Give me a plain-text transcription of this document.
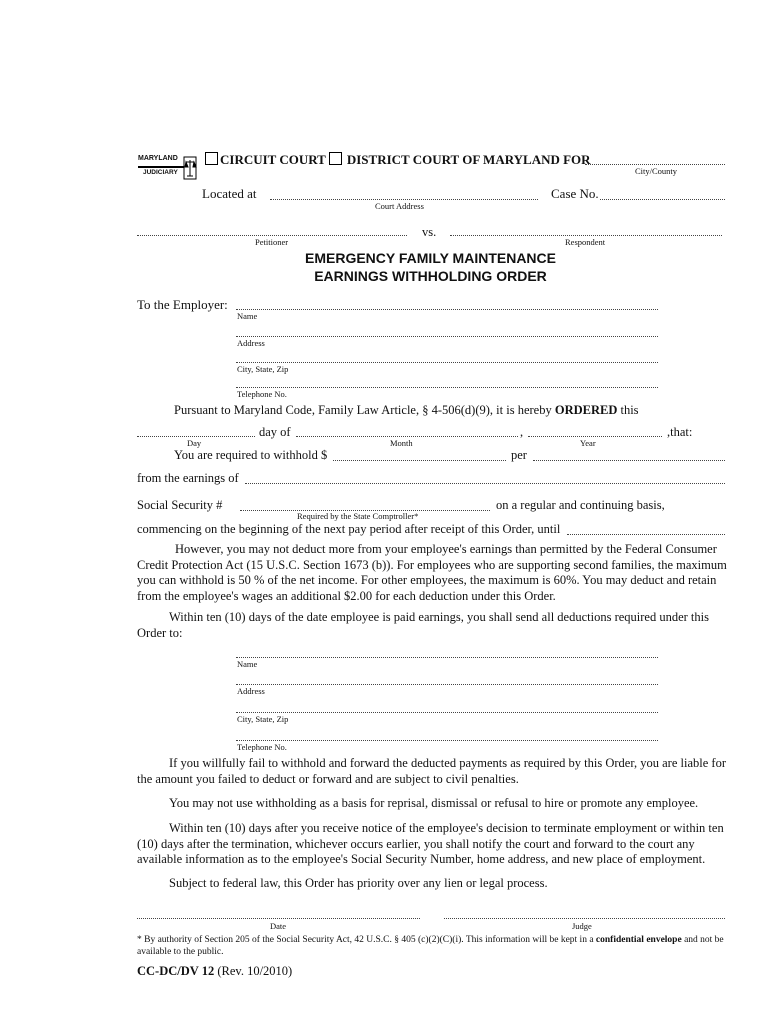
MARYLAND
JUDICIARY
CIRCUIT COURT DISTRICT COURT OF MARYLAND FOR
City/County
Located at
Court Address
Case No.
vs.
Petitioner	Respondent
EMERGENCY FAMILY MAINTENANCE
EARNINGS WITHHOLDING ORDER
To the Employer:
Name
Address
City, State, Zip
Telephone No.
Pursuant to Maryland Code, Family Law Article, § 4-506(d)(9), it is hereby ORDERED this
day of	,	,that:
Day	Month	Year
You are required to withhold $	per
from the earnings of
Social Security #
Required by the State Comptroller*
on a regular and continuing basis,
commencing on the beginning of the next pay period after receipt of this Order, until
However, you may not deduct more from your employee's earnings than permitted by the Federal Consumer Credit Protection Act (15 U.S.C. Section 1673 (b)). For employees who are supporting second families, the maximum you can withhold is 50 % of the net income. For other employees, the maximum is 60%. You may deduct and retain from the employee's wages an additional $2.00 for each deduction under this Order.
Within ten (10) days of the date employee is paid earnings, you shall send all deductions required under this Order to:
Name
Address
City, State, Zip
Telephone No.
If you willfully fail to withhold and forward the deducted payments as required by this Order, you are liable for the amount you failed to deduct or forward and are subject to civil penalties.
You may not use withholding as a basis for reprisal, dismissal or refusal to hire or promote any employee.
Within ten (10) days after you receive notice of the employee's decision to terminate employment or within ten (10) days after the termination, whichever occurs earlier, you shall notify the court and forward to the court any available information as to the employee's Social Security Number, home address, and new place of employment.
Subject to federal law, this Order has priority over any lien or legal process.
Date	Judge
* By authority of Section 205 of the Social Security Act, 42 U.S.C. § 405 (c)(2)(C)(i). This information will be kept in a confidential envelope and not be available to the public.
CC-DC/DV 12 (Rev. 10/2010)
